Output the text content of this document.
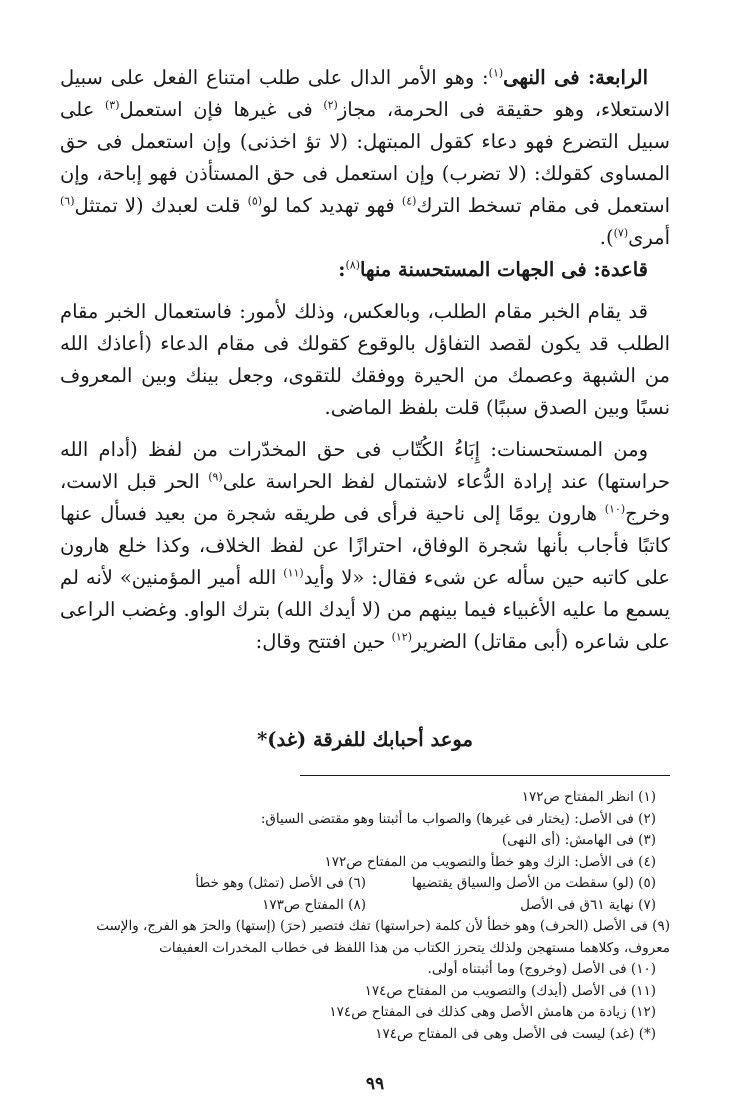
الرابعة: فى النهى$^{(١)}$: وهو الأمر الدال على طلب امتناع الفعل على سبيل الاستعلاء، وهو حقيقة فى الحرمة، مجاز$^{(٢)}$ فى غيرها فإن استعمل$^{(٣)}$ على سبيل التضرع فهو دعاء كقول المبتهل: (لا تؤ اخذنى) وإن استعمل فى حق المساوى كقولك: (لا تضرب) وإن استعمل فى حق المستأذن فهو إباحة، وإن استعمل فى مقام تسخط الترك$^{(٤)}$ فهو تهديد كما لو$^{(٥)}$ قلت لعبدك (لا تمتثل$^{(٦)}$ أمرى$^{(٧)}$).

قاعدة: فى الجهات المستحسنة منها$^{(٨)}$:

قد يقام الخبر مقام الطلب، وبالعكس، وذلك لأمور: فاستعمال الخبر مقام الطلب قد يكون لقصد التفاؤل بالوقوع كقولك فى مقام الدعاء (أعاذك الله من الشبهة وعصمك من الحيرة ووفقك للتقوى، وجعل بينك وبين المعروف نسبًا وبين الصدق سببًا) قلت بلفظ الماضى.

ومن المستحسنات: إِبَاءُ الكُتّاب فى حق المخدّرات من لفظ (أدام الله حراستها) عند إرادة الدُّعاء لاشتمال لفظ الحراسة على$^{(٩)}$ الحر قبل الاست، وخرج$^{(١٠)}$ هارون يومًا إلى ناحية فرأى فى طريقه شجرة من بعيد فسأل عنها كاتبًا فأجاب بأنها شجرة الوفاق، احترازًا عن لفظ الخلاف، وكذا خلع هارون على كاتبه حين سأله عن شىء فقال: «لا وأيد$^{(١١)}$ الله أمير المؤمنين» لأنه لم يسمع ما عليه الأغبياء فيما بينهم من (لا أيدك الله) بترك الواو. وغضب الراعى على شاعره (أبى مقاتل) الضرير$^{(١٢)}$ حين افتتح وقال:

موعد أحبابك للفرقة (غد)*

(١) انظر المفتاح ص١٧٢

(٢) فى الأصل: (يختار فى غيرها) والصواب ما أثبتنا وهو مقتضى السياق:

(٣) فى الهامش: (أى النهى)

(٤) فى الأصل: الزك وهو خطأ والتصويب من المفتاح ص١٧٢

(٥) (لو) سقطت من الأصل والسياق يقتضيها
(٦) فى الأصل (تمثل) وهو خطأ
(٧) نهاية ٦١ق فى الأصل
(٨) المفتاح ص١٧٣

(٩) فى الأصل (الحرف) وهو خطأ لأن كلمة (حراستها) تفك فتصير (حرَ) (إستها) والحرَ هو الفرج، والإست معروف، وكلاهما مستهجن ولذلك يتحرز الكتاب من هذا اللفظ فى خطاب المخدرات العفيفات

(١٠) فى الأصل (وخروج) وما أثبتناه أولى.

(١١) فى الأصل (أيدك) والتصويب من المفتاح ص١٧٤

(١٢) زيادة من هامش الأصل وهى كذلك فى المفتاح ص١٧٤

(*) (غد) ليست فى الأصل وهى فى المفتاح ص١٧٤

٩٩
